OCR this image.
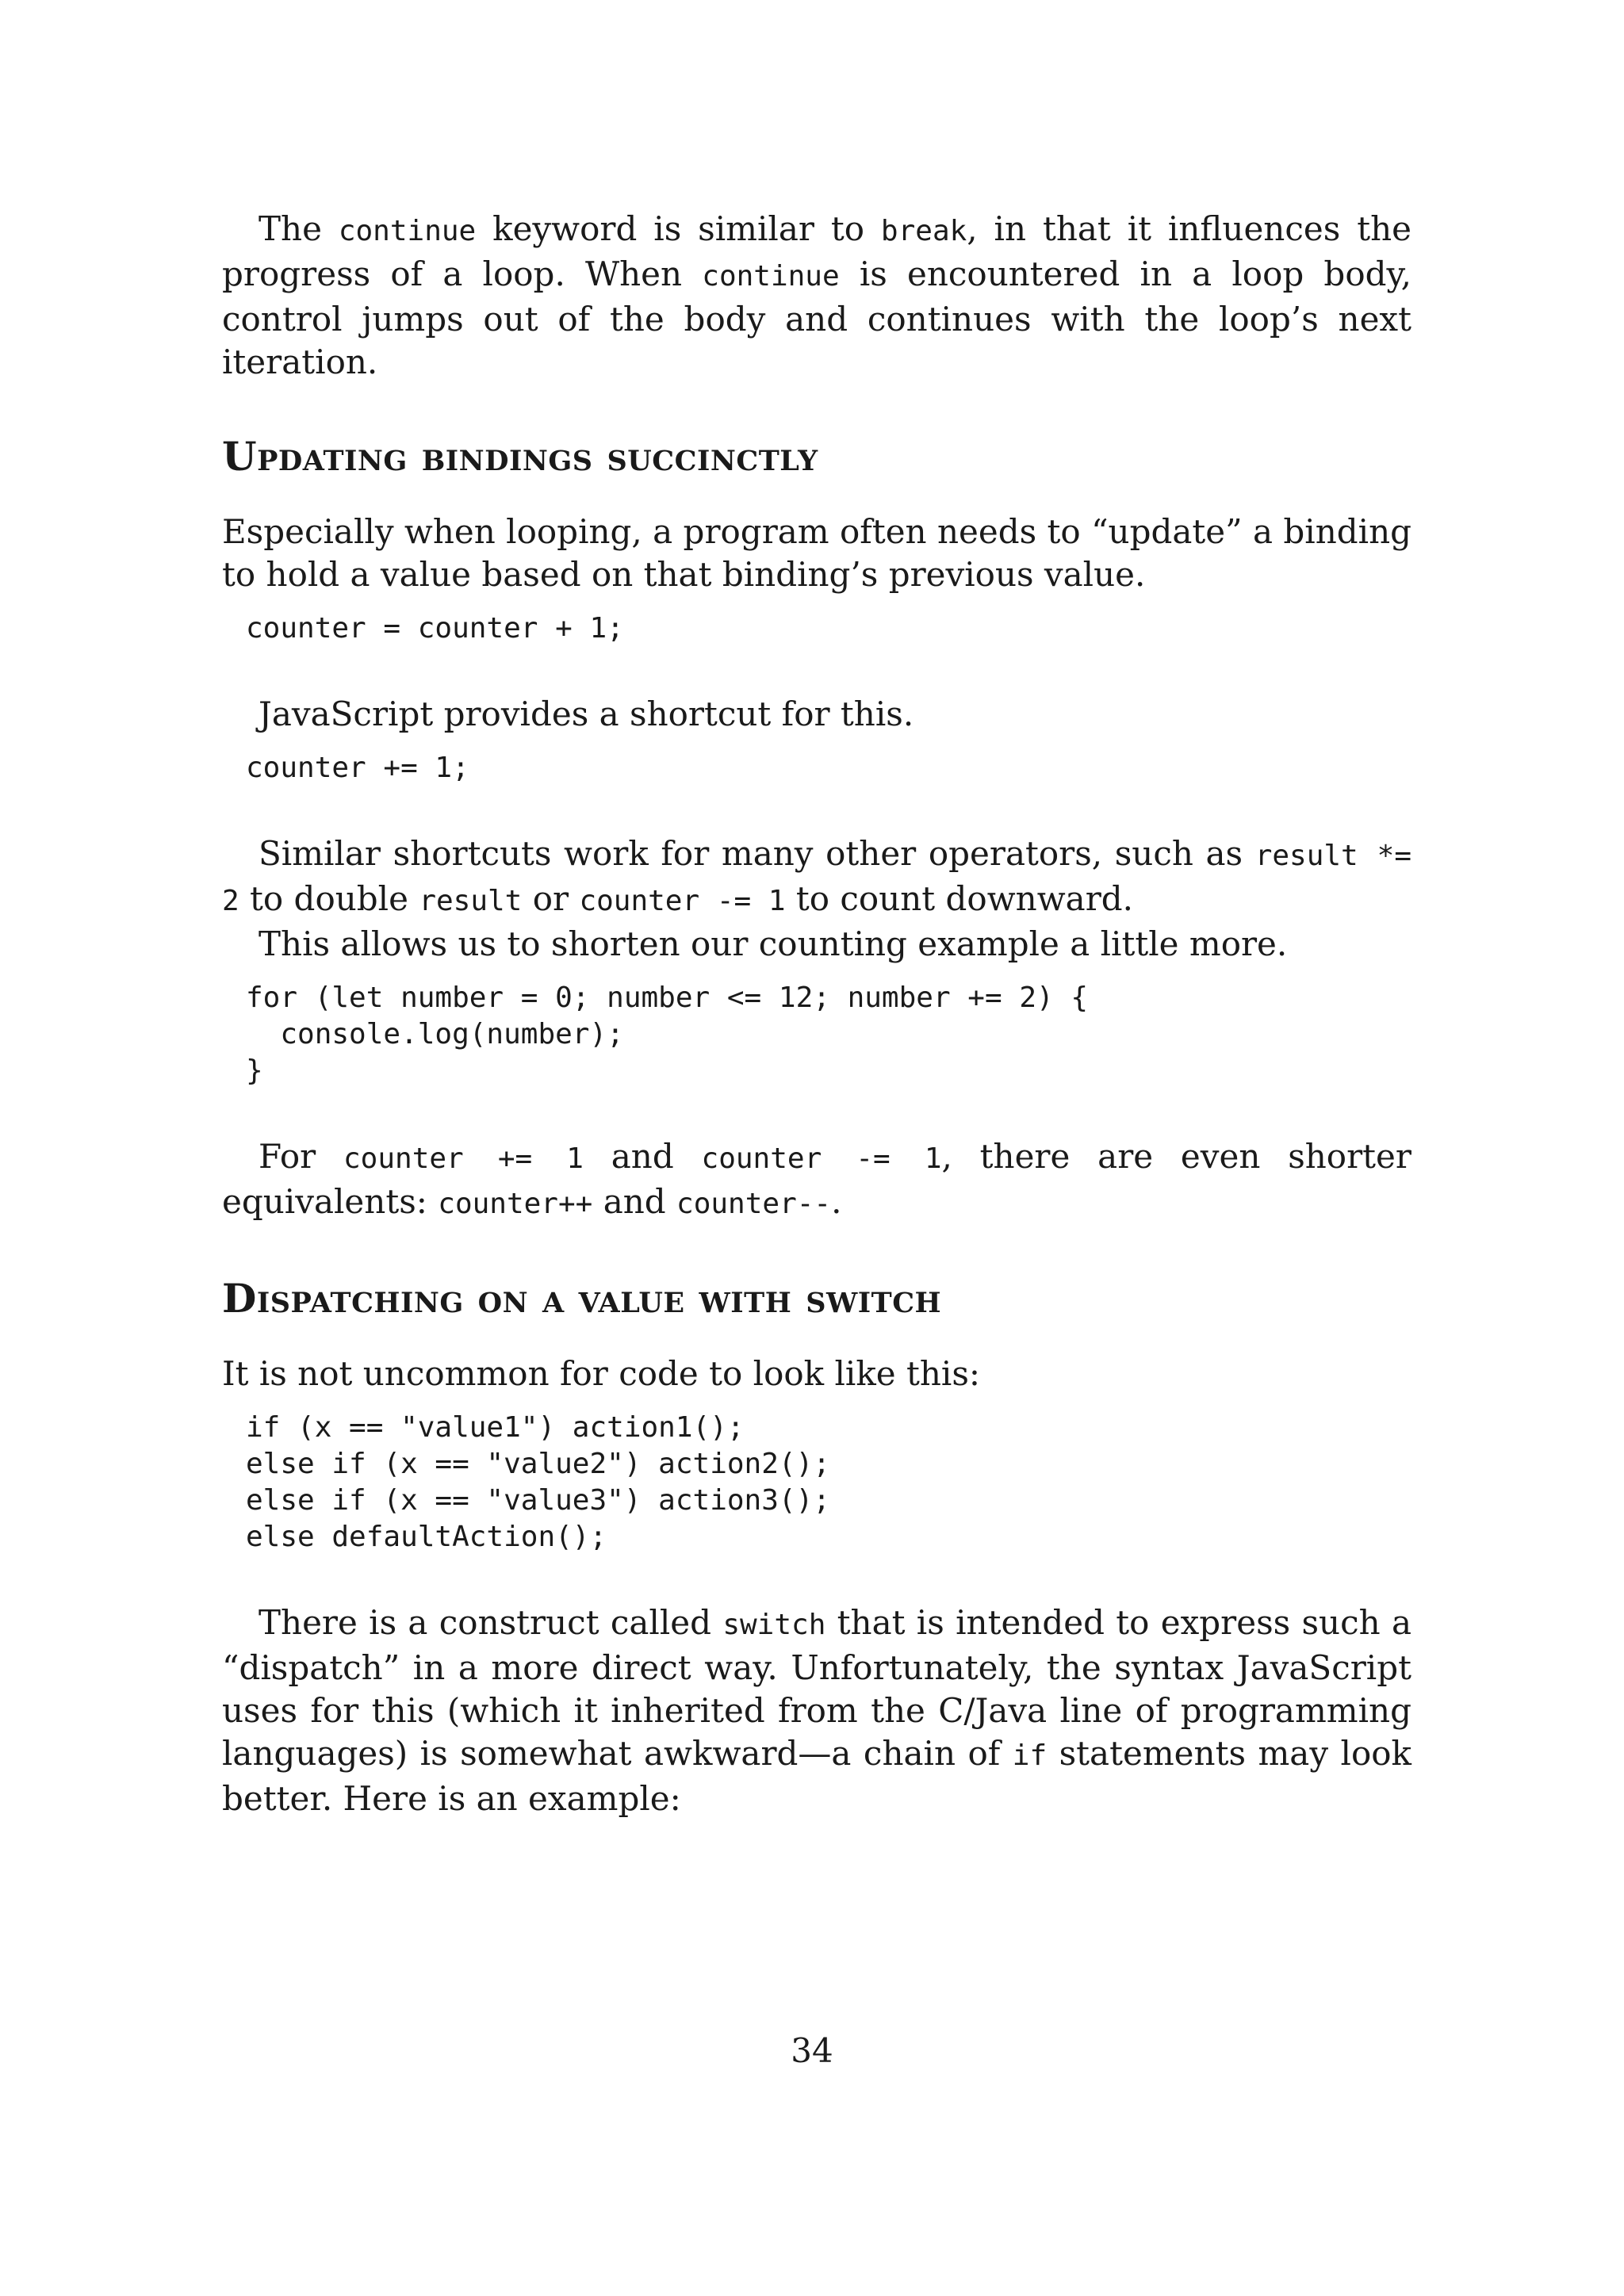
The continue keyword is similar to break, in that it influences the progress of a loop. When continue is encountered in a loop body, control jumps out of the body and continues with the loop’s next iteration.

Updating bindings succinctly

Especially when looping, a program often needs to “update” a binding to hold a value based on that binding’s previous value.

counter = counter + 1;

JavaScript provides a shortcut for this.

counter += 1;

Similar shortcuts work for many other operators, such as result *= 2 to double result or counter -= 1 to count downward.

This allows us to shorten our counting example a little more.

for (let number = 0; number <= 12; number += 2) {
console.log(number);
}

For counter += 1 and counter -= 1, there are even shorter equivalents: counter++ and counter--.

Dispatching on a value with switch

It is not uncommon for code to look like this:

if (x == "value1") action1();
else if (x == "value2") action2();
else if (x == "value3") action3();
else defaultAction();

There is a construct called switch that is intended to express such a “dispatch” in a more direct way. Unfortunately, the syntax JavaScript uses for this (which it inherited from the C/Java line of programming languages) is somewhat awkward—a chain of if statements may look better. Here is an example:

34
